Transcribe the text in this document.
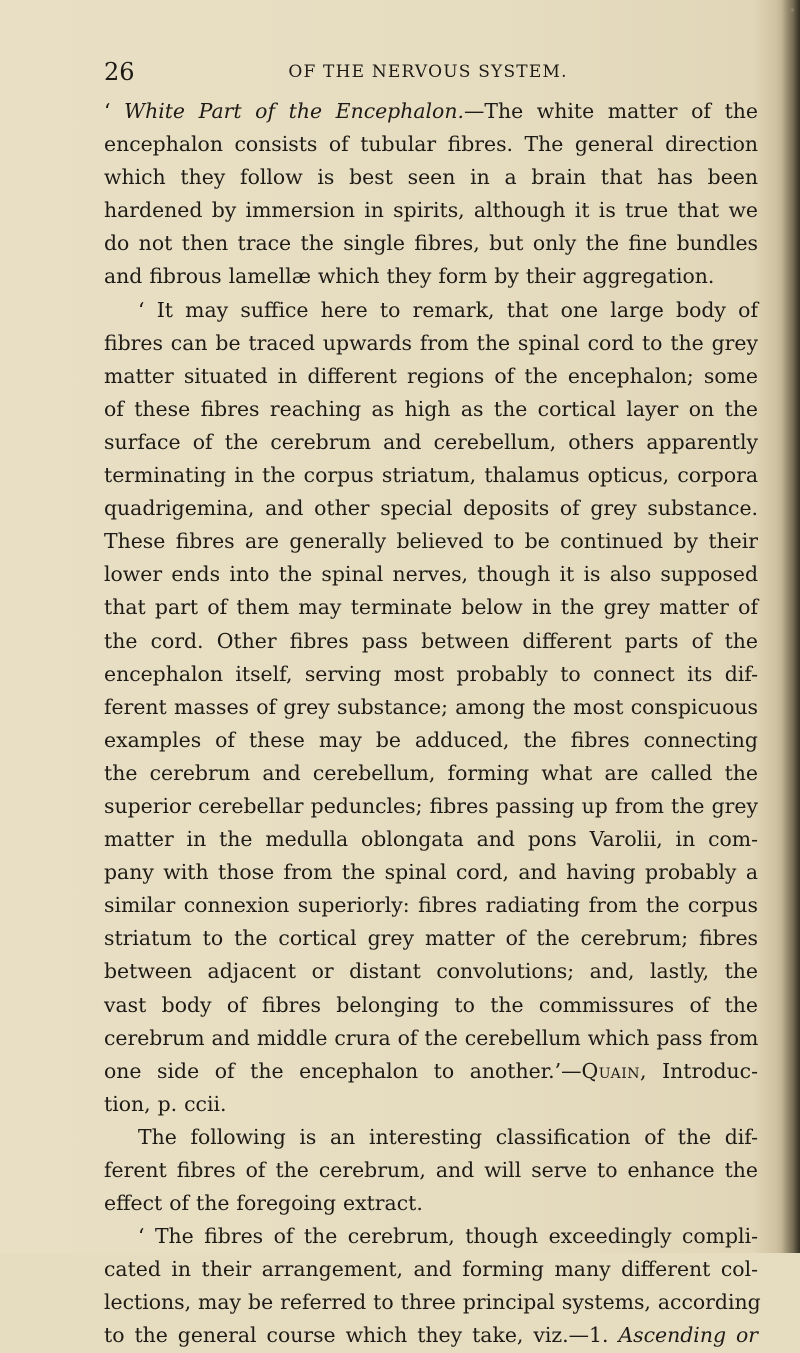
26	OF THE NERVOUS SYSTEM.
‘ White Part of the Encephalon.—The white matter of the
encephalon consists of tubular fibres. The general direction
which they follow is best seen in a brain that has been
hardened by immersion in spirits, although it is true that we
do not then trace the single fibres, but only the fine bundles
and fibrous lamellæ which they form by their aggregation.
‘ It may suffice here to remark, that one large body of
fibres can be traced upwards from the spinal cord to the grey
matter situated in different regions of the encephalon; some
of these fibres reaching as high as the cortical layer on the
surface of the cerebrum and cerebellum, others apparently
terminating in the corpus striatum, thalamus opticus, corpora
quadrigemina, and other special deposits of grey substance.
These fibres are generally believed to be continued by their
lower ends into the spinal nerves, though it is also supposed
that part of them may terminate below in the grey matter of
the cord. Other fibres pass between different parts of the
encephalon itself, serving most probably to connect its dif-
ferent masses of grey substance; among the most conspicuous
examples of these may be adduced, the fibres connecting
the cerebrum and cerebellum, forming what are called the
superior cerebellar peduncles; fibres passing up from the grey
matter in the medulla oblongata and pons Varolii, in com-
pany with those from the spinal cord, and having probably a
similar connexion superiorly: fibres radiating from the corpus
striatum to the cortical grey matter of the cerebrum; fibres
between adjacent or distant convolutions; and, lastly, the
vast body of fibres belonging to the commissures of the
cerebrum and middle crura of the cerebellum which pass from
one side of the encephalon to another.’—Quain, Introduc-
tion, p. ccii.
The following is an interesting classification of the dif-
ferent fibres of the cerebrum, and will serve to enhance the
effect of the foregoing extract.
‘ The fibres of the cerebrum, though exceedingly compli-
cated in their arrangement, and forming many different col-
lections, may be referred to three principal systems, according
to the general course which they take, viz.—1. Ascending or
